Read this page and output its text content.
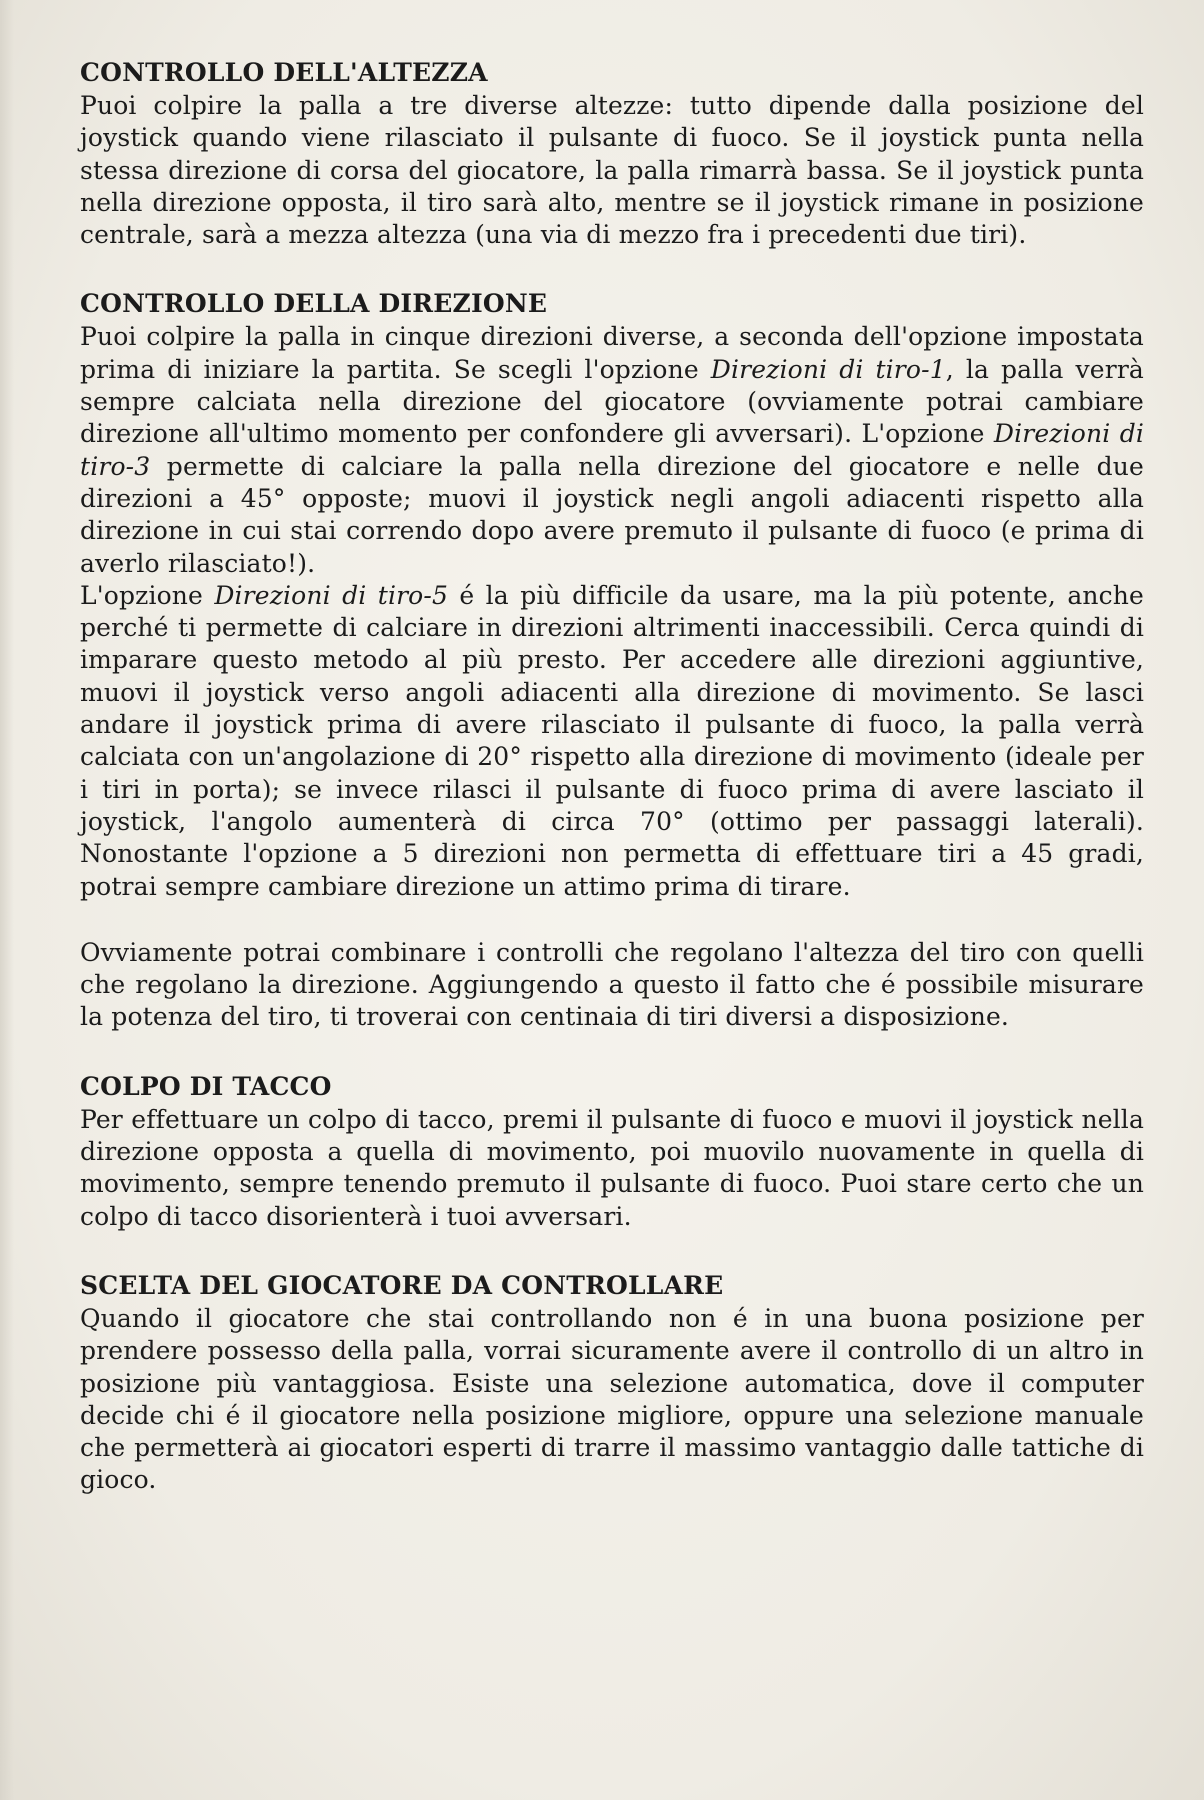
CONTROLLO DELL'ALTEZZA

Puoi colpire la palla a tre diverse altezze: tutto dipende dalla posizione del joystick quando viene rilasciato il pulsante di fuoco. Se il joystick punta nella stessa direzione di corsa del giocatore, la palla rimarrà bassa. Se il joystick punta nella direzione opposta, il tiro sarà alto, mentre se il joystick rimane in posizione centrale, sarà a mezza altezza (una via di mezzo fra i precedenti due tiri).

CONTROLLO DELLA DIREZIONE

Puoi colpire la palla in cinque direzioni diverse, a seconda dell'opzione impostata prima di iniziare la partita. Se scegli l'opzione Direzioni di tiro-1, la palla verrà sempre calciata nella direzione del giocatore (ovviamente potrai cambiare direzione all'ultimo momento per confondere gli avversari). L'opzione Direzioni di tiro-3 permette di calciare la palla nella direzione del giocatore e nelle due direzioni a 45° opposte; muovi il joystick negli angoli adiacenti rispetto alla direzione in cui stai correndo dopo avere premuto il pulsante di fuoco (e prima di averlo rilasciato!).

L'opzione Direzioni di tiro-5 é la più difficile da usare, ma la più potente, anche perché ti permette di calciare in direzioni altrimenti inaccessibili. Cerca quindi di imparare questo metodo al più presto. Per accedere alle direzioni aggiuntive, muovi il joystick verso angoli adiacenti alla direzione di movimento. Se lasci andare il joystick prima di avere rilasciato il pulsante di fuoco, la palla verrà calciata con un'angolazione di 20° rispetto alla direzione di movimento (ideale per i tiri in porta); se invece rilasci il pulsante di fuoco prima di avere lasciato il joystick, l'angolo aumenterà di circa 70° (ottimo per passaggi laterali). Nonostante l'opzione a 5 direzioni non permetta di effettuare tiri a 45 gradi, potrai sempre cambiare direzione un attimo prima di tirare.

Ovviamente potrai combinare i controlli che regolano l'altezza del tiro con quelli che regolano la direzione. Aggiungendo a questo il fatto che é possibile misurare la potenza del tiro, ti troverai con centinaia di tiri diversi a disposizione.

COLPO DI TACCO

Per effettuare un colpo di tacco, premi il pulsante di fuoco e muovi il joystick nella direzione opposta a quella di movimento, poi muovilo nuovamente in quella di movimento, sempre tenendo premuto il pulsante di fuoco. Puoi stare certo che un colpo di tacco disorienterà i tuoi avversari.

SCELTA DEL GIOCATORE DA CONTROLLARE

Quando il giocatore che stai controllando non é in una buona posizione per prendere possesso della palla, vorrai sicuramente avere il controllo di un altro in posizione più vantaggiosa. Esiste una selezione automatica, dove il computer decide chi é il giocatore nella posizione migliore, oppure una selezione manuale che permetterà ai giocatori esperti di trarre il massimo vantaggio dalle tattiche di gioco.
